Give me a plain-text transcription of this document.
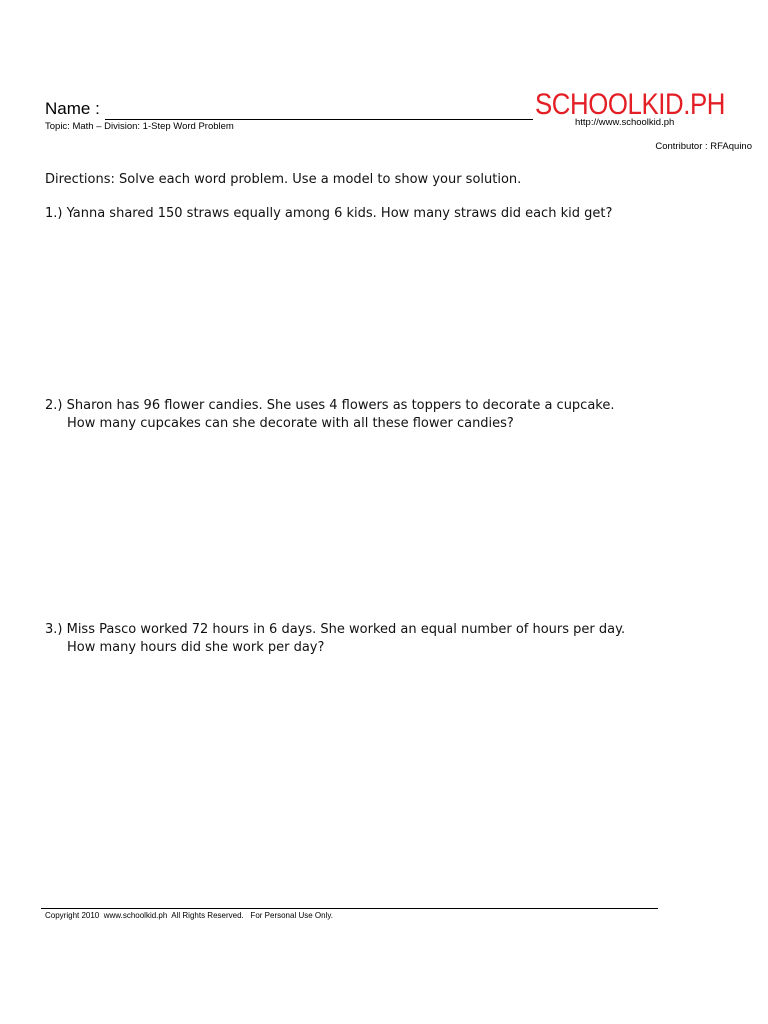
Name :
Topic: Math – Division: 1-Step Word Problem
SCHOOLKID.PH
http://www.schoolkid.ph
Contributor : RFAquino
Directions: Solve each word problem. Use a model to show your solution.
1.) Yanna shared 150 straws equally among 6 kids. How many straws did each kid get?
2.) Sharon has 96 flower candies. She uses 4 flowers as toppers to decorate a cupcake.
How many cupcakes can she decorate with all these flower candies?
3.) Miss Pasco worked 72 hours in 6 days. She worked an equal number of hours per day.
How many hours did she work per day?
Copyright 2010  www.schoolkid.ph  All Rights Reserved.   For Personal Use Only.
